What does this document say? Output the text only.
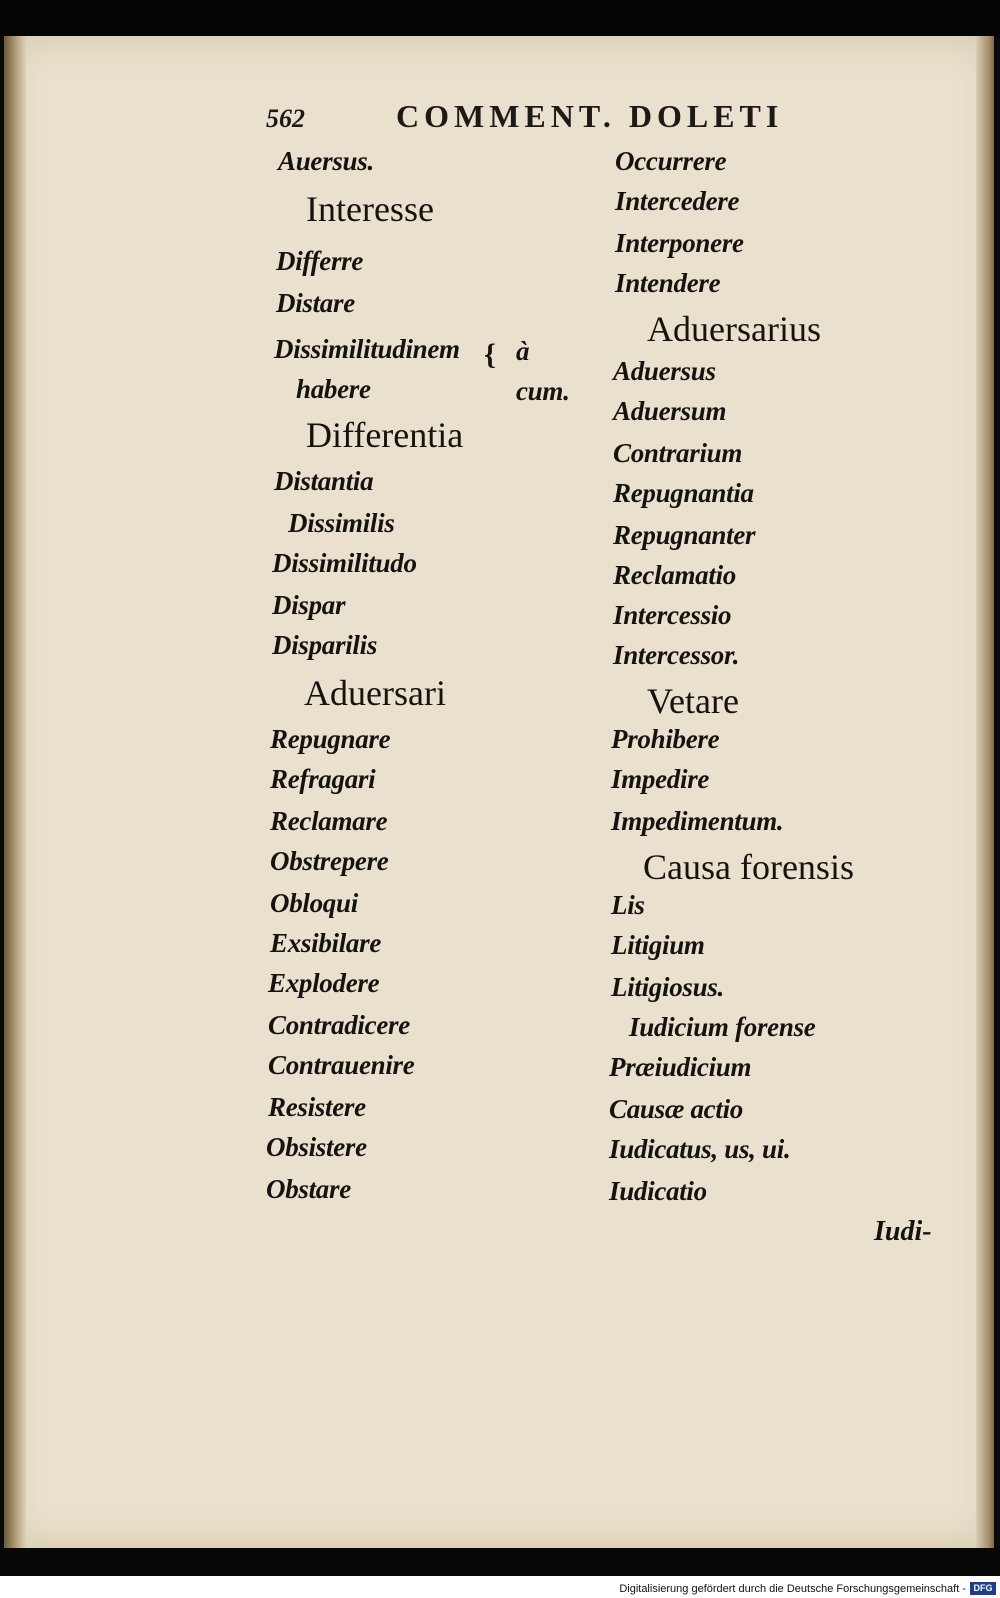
562	COMMENT. DOLETI
Auersus.
Interesse
Differre
Distare
Dissimilitudinem
habere
{ à
cum.
Differentia
Distantia
Dissimilis
Dissimilitudo
Dispar
Disparilis
Aduersari
Repugnare
Refragari
Reclamare
Obstrepere
Obloqui
Exsibilare
Explodere
Contradicere
Contrauenire
Resistere
Obsistere
Obstare
Occurrere
Intercedere
Interponere
Intendere
Aduersarius
Aduersus
Aduersum
Contrarium
Repugnantia
Repugnanter
Reclamatio
Intercessio
Intercessor.
Vetare
Prohibere
Impedire
Impedimentum.
Causa forensis
Lis
Litigium
Litigiosus.
Iudicium forense
Præiudicium
Causæ actio
Iudicatus, us, ui.
Iudicatio
Iudi-
Digitalisierung gefördert durch die Deutsche Forschungsgemeinschaft - DFG
